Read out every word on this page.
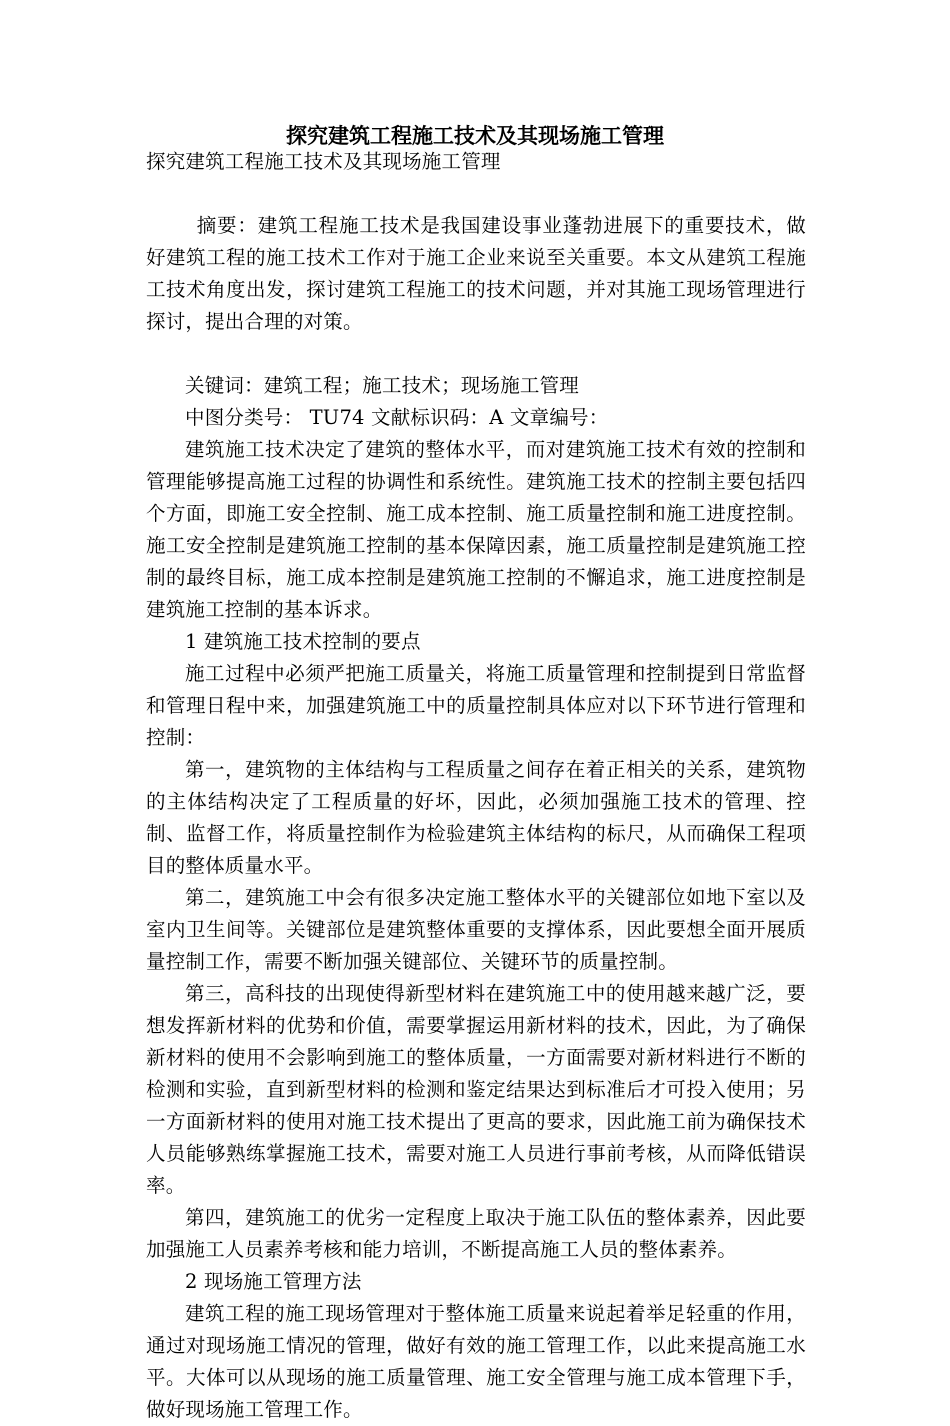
探究建筑工程施工技术及其现场施工管理

探究建筑工程施工技术及其现场施工管理

摘要：建筑工程施工技术是我国建设事业蓬勃进展下的重要技术，做好建筑工程的施工技术工作对于施工企业来说至关重要。本文从建筑工程施工技术角度出发，探讨建筑工程施工的技术问题，并对其施工现场管理进行探讨，提出合理的对策。

关键词：建筑工程；施工技术；现场施工管理

中图分类号： TU74 文献标识码：A 文章编号：

建筑施工技术决定了建筑的整体水平，而对建筑施工技术有效的控制和管理能够提高施工过程的协调性和系统性。建筑施工技术的控制主要包括四个方面，即施工安全控制、施工成本控制、施工质量控制和施工进度控制。施工安全控制是建筑施工控制的基本保障因素，施工质量控制是建筑施工控制的最终目标，施工成本控制是建筑施工控制的不懈追求，施工进度控制是建筑施工控制的基本诉求。

1 建筑施工技术控制的要点

施工过程中必须严把施工质量关，将施工质量管理和控制提到日常监督和管理日程中来，加强建筑施工中的质量控制具体应对以下环节进行管理和控制：

第一，建筑物的主体结构与工程质量之间存在着正相关的关系，建筑物的主体结构决定了工程质量的好坏，因此，必须加强施工技术的管理、控制、监督工作，将质量控制作为检验建筑主体结构的标尺，从而确保工程项目的整体质量水平。

第二，建筑施工中会有很多决定施工整体水平的关键部位如地下室以及室内卫生间等。关键部位是建筑整体重要的支撑体系，因此要想全面开展质量控制工作，需要不断加强关键部位、关键环节的质量控制。

第三，高科技的出现使得新型材料在建筑施工中的使用越来越广泛，要想发挥新材料的优势和价值，需要掌握运用新材料的技术，因此，为了确保新材料的使用不会影响到施工的整体质量，一方面需要对新材料进行不断的检测和实验，直到新型材料的检测和鉴定结果达到标准后才可投入使用；另一方面新材料的使用对施工技术提出了更高的要求，因此施工前为确保技术人员能够熟练掌握施工技术，需要对施工人员进行事前考核，从而降低错误率。

第四，建筑施工的优劣一定程度上取决于施工队伍的整体素养，因此要加强施工人员素养考核和能力培训，不断提高施工人员的整体素养。

2 现场施工管理方法

建筑工程的施工现场管理对于整体施工质量来说起着举足轻重的作用，通过对现场施工情况的管理，做好有效的施工管理工作，以此来提高施工水平。大体可以从现场的施工质量管理、施工安全管理与施工成本管理下手，做好现场施工管理工作。
